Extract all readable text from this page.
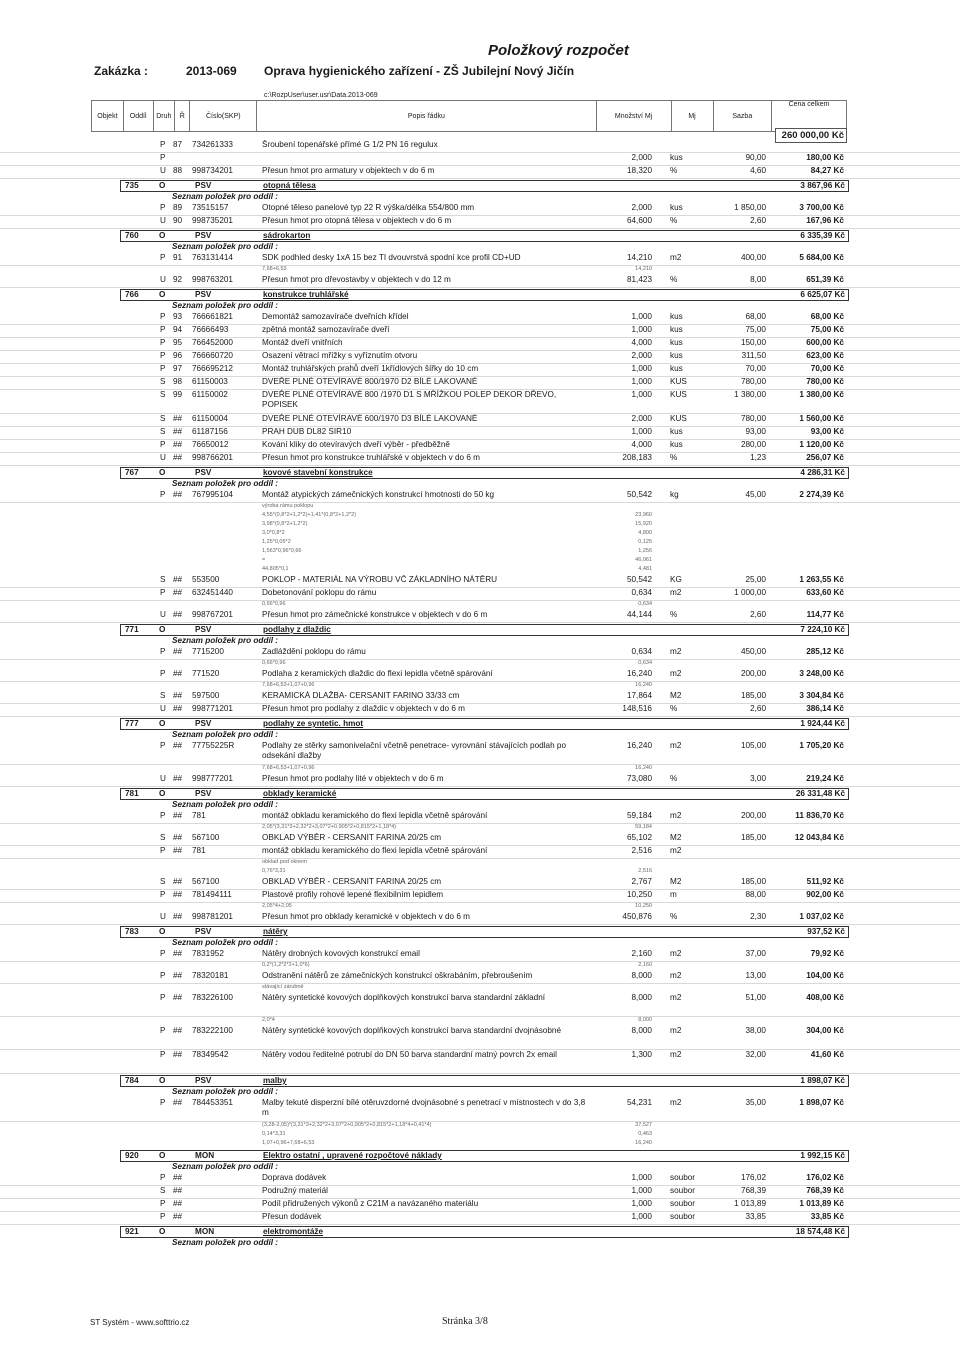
Položkový rozpočet
Zakázka :	2013-069 Oprava hygienického zařízení - ZŠ Jubilejní Nový Jičín
c:\RozpUser\user.usr\Data.2013-069
Objekt	Oddíl	Druh	Ř	Číslo(SKP)	Popis řádku	Množství Mj	Mj	Sazba	Cena celkem
260 000,00 Kč
P 87	734261333	Šroubení topenářské přímé G 1/2 PN 16 regulux
P	2,000 kus	90,00	180,00 Kč
U 88	998734201	Přesun hmot pro armatury v objektech v do 6 m	18,320 %	4,60	84,27 Kč
735	O	PSV	otopná tělesa	3 867,96 Kč
Seznam položek pro oddíl :
P 89	73515157	Otopné těleso panelové typ 22 R výška/délka 554/800 mm	2,000 kus	1 850,00	3 700,00 Kč
U 90	998735201	Přesun hmot pro otopná tělesa v objektech v do 6 m	64,600 %	2,60	167,96 Kč
760	O	PSV	sádrokarton	6 335,39 Kč
Seznam položek pro oddíl :
P 91	763131414	SDK podhled desky 1xA 15 bez TI dvouvrstvá spodní kce profil CD+UD	14,210 m2	400,00	5 684,00 Kč
7,68+6,53	14,210
U 92	998763201	Přesun hmot pro dřevostavby v objektech v do 12 m	81,423 %	8,00	651,39 Kč
766	O	PSV	konstrukce truhlářské	6 625,07 Kč
Seznam položek pro oddíl :
P 93	766661821	Demontáž samozavírače dveřních křídel	1,000 kus	68,00	68,00 Kč
P 94	76666493	zpětná montáž samozavírače dveří	1,000 kus	75,00	75,00 Kč
P 95	766452000	Montáž dveří vnitřních	4,000 kus	150,00	600,00 Kč
P 96	766660720	Osazení větrací mřížky s vyříznutím otvoru	2,000 kus	311,50	623,00 Kč
P 97	766695212	Montáž truhlářských prahů dveří 1křídlových šířky do 10 cm	1,000 kus	70,00	70,00 Kč
S 98	61150003	DVEŘE PLNÉ OTEVÍRAVÉ 800/1970 D2 BÍLÉ LAKOVANÉ	1,000 KUS	780,00	780,00 Kč
S 99	61150002	DVEŘE PLNÉ OTEVÍRAVÉ 800 /1970 D1 S MŘÍŽKOU POLEP DEKOR DŘEVO, POPISEK
1,000 KUS	1 380,00	1 380,00 Kč
S ##	61150004	DVEŘE PLNÉ OTEVÍRAVÉ 600/1970 D3 BÍLÉ LAKOVANÉ	2,000 KUS	780,00	1 560,00 Kč
S ##	61187156	PRAH DUB DL82 SIR10	1,000 kus	93,00	93,00 Kč
P ##	76650012	Kování kliky do otevíravých dveří výběr - předběžně	4,000 kus	280,00	1 120,00 Kč
U ##	998766201	Přesun hmot pro konstrukce truhlářské v objektech v do 6 m	208,183 %	1,23	256,07 Kč
767	O	PSV	kovové stavební konstrukce	4 286,31 Kč
Seznam položek pro oddíl :
P ##	767995104	Montáž atypických zámečnických konstrukcí hmotnosti do 50 kg	50,542 kg	45,00	2 274,39 Kč
výroba rámu poklopu
4,55*(0,8*2+1,2*2)+1,41*(0,8*2+1,2*2)	23,960
3,98*(0,8*2+1,2*2)	15,920
3,0*0,8*2	4,800
1,25*0,05*2	0,125
1,563*0,96*0,66	1,256
=	46,061
44,805*0,1	4,481
S ##	553500	POKLOP - MATERIÁL NA VÝROBU VČ ZÁKLADNÍHO NÁTĚRU	50,542 KG	25,00	1 263,55 Kč
P ##	632451440	Dobetonování poklopu do rámu	0,634 m2	1 000,00	633,60 Kč
0,66*0,96	0,634
U ##	998767201	Přesun hmot pro zámečnické konstrukce v objektech v do 6 m	44,144 %	2,60	114,77 Kč
771	O	PSV	podlahy z dlaždic	7 224,10 Kč
Seznam položek pro oddíl :
P ##	7715200	Zadláždění poklopu do rámu	0,634 m2	450,00	285,12 Kč
0,66*0,96	0,634
P ##	771520	Podlaha z keramických dlaždic do flexi lepidla včetně spárování	16,240 m2	200,00	3 248,00 Kč
7,68+6,53+1,07+0,96	16,240
S ##	597500	KERAMICKÁ DLAŽBA- CERSANIT FARINO 33/33 cm	17,864 M2	185,00	3 304,84 Kč
U ##	998771201	Přesun hmot pro podlahy z dlaždic v objektech v do 6 m	148,516 %	2,60	386,14 Kč
777	O	PSV	podlahy ze syntetic. hmot	1 924,44 Kč
Seznam položek pro oddíl :
P ##	77755225R	Podlahy ze stěrky samonivelační včetně penetrace- vyrovnání stávajících podlah po odsekání dlažby
16,240 m2	105,00	1 705,20 Kč
7,68+6,53+1,07+0,96	16,240
U ##	998777201	Přesun hmot pro podlahy lité v objektech v do 6 m	73,080 %	3,00	219,24 Kč
781	O	PSV	obklady keramické	26 331,48 Kč
Seznam položek pro oddíl :
P ##	781	montáž obkladu keramického do flexi lepidla včetně spárování	59,184 m2	200,00	11 836,70 Kč
2,05*(3,31*3+2,32*2+3,07*2+0,905*2+0,815*2+1,18*4)	59,184
S ##	567100	OBKLAD VÝBĚR - CERSANIT FARINA 20/25 cm	65,102 M2	185,00	12 043,84 Kč
P ##	781	montáž obkladu keramického do flexi lepidla včetně spárování	2,516 m2
obklad pod oknem
0,76*3,31	2,516
S ##	567100	OBKLAD VÝBĚR - CERSANIT FARINA 20/25 cm	2,767 M2	185,00	511,92 Kč
P ##	781494111	Plastové profily rohové lepené flexibilním lepidlem	10,250 m	88,00	902,00 Kč
2,05*4+2,05	10,250
U ##	998781201	Přesun hmot pro obklady keramické v objektech v do 6 m	450,876 %	2,30	1 037,02 Kč
783	O	PSV	nátěry	937,52 Kč
Seznam položek pro oddíl :
P ##	7831952	Nátěry drobných kovových konstrukcí email	2,160 m2	37,00	79,92 Kč
0,2*(1,2*2*2+1,0*6)	2,160
P ##	78320181	Odstranění nátěrů ze zámečnických konstrukcí oškrabáním, přebroušením	8,000 m2	13,00	104,00 Kč
stávající zárubně
P ##	783226100	Nátěry syntetické kovových doplňkových konstrukcí barva standardní základní	8,000 m2	51,00	408,00 Kč
2,0*4	8,000
P ##	783222100	Nátěry syntetické kovových doplňkových konstrukcí barva standardní dvojnásobné	8,000 m2	38,00	304,00 Kč
P ##	78349542	Nátěry vodou ředitelné potrubí do DN 50 barva standardní matný povrch 2x email	1,300 m2	32,00	41,60 Kč
784	O	PSV	malby	1 898,07 Kč
Seznam položek pro oddíl :
P ##	784453351	Malby tekuté disperzní bílé otěruvzdorné dvojnásobné s penetrací v místnostech v do 3,8 m
54,231 m2	35,00	1 898,07 Kč
(3,28-2,05)*(3,31*3+2,32*2+3,07*2+0,905*2+0,815*2+1,18*4+0,41*4)	37,527
0,14*3,31	0,463
1,07+0,96+7,68+6,53	16,240
920	O	MON	Elektro ostatní , upravené rozpočtové náklady	1 992,15 Kč
Seznam položek pro oddíl :
P ##	Doprava dodávek	1,000 soubor	176,02	176,02 Kč
S ##	Podružný materiál	1,000 soubor	768,39	768,39 Kč
P ##	Podíl přidružených výkonů z C21M a navázaného materiálu	1,000 soubor	1 013,89	1 013,89 Kč
P ##	Přesun dodávek	1,000 soubor	33,85	33,85 Kč
921	O	MON	elektromontáže	18 574,48 Kč
Seznam položek pro oddíl :
ST Systém - www.softtrio.cz	Stránka 3/8
